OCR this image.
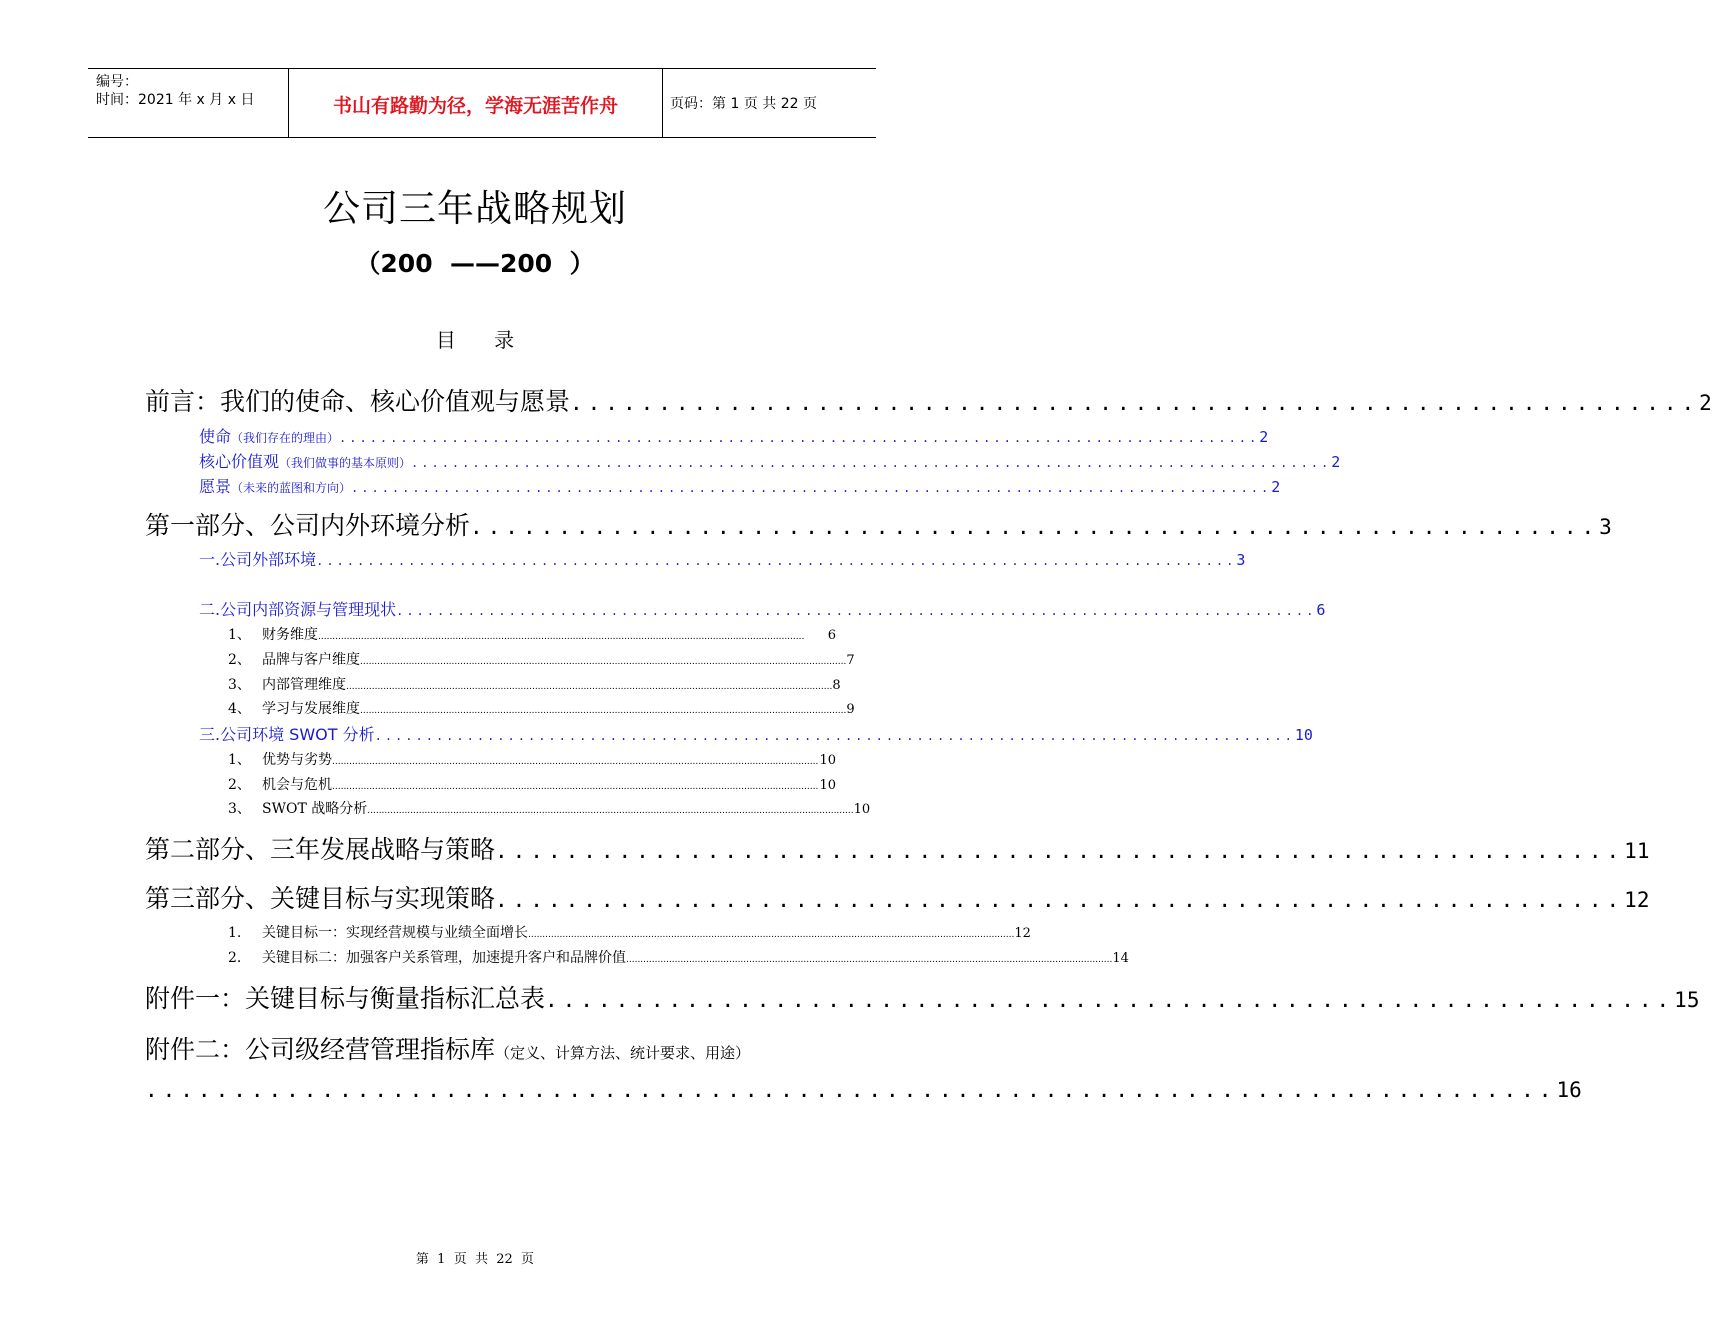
编号：
时间：2021 年 x 月 x 日	书山有路勤为径，学海无涯苦作舟	页码：第 1 页 共 22 页
公司三年战略规划
（200  ——200  ）
目      录
前言：我们的使命、核心价值观与愿景 ................................................................ 2
使命 （我们存在的理由） .......................................................................................... 2
核心价值观 （我们做事的基本原则） .......................................................................................... 2
愿景 （未来的蓝图和方向） .......................................................................................... 2
第一部分、公司内外环境分析 ................................................................ 3
一.公司外部环境 .......................................................................................... 3
二.公司内部资源与管理现状 .......................................................................................... 6
1、 财务维度 ..........................................................................................................................................................................	6
2、 品牌与客户维度 .......................................................................................................................................................................... 7
3、 内部管理维度 .......................................................................................................................................................................... 8
4、 学习与发展维度 .......................................................................................................................................................................... 9
三.公司环境 SWOT 分析 .......................................................................................... 10
1、 优势与劣势 .......................................................................................................................................................................... 10
2、 机会与危机 .......................................................................................................................................................................... 10
3、 SWOT 战略分析 .......................................................................................................................................................................... 10
第二部分、三年发展战略与策略 ................................................................ 11
第三部分、关键目标与实现策略 ................................................................ 12
1.	关键目标一：实现经营规模与业绩全面增长 .......................................................................................................................................................................... 12
2.	关键目标二：加强客户关系管理，加速提升客户和品牌价值 .......................................................................................................................................................................... 14
附件一：关键目标与衡量指标汇总表 ................................................................ 15
附件二：公司级经营管理指标库 （定义、计算方法、统计要求、用途）
................................................................................ 16
第  1  页  共  22  页
